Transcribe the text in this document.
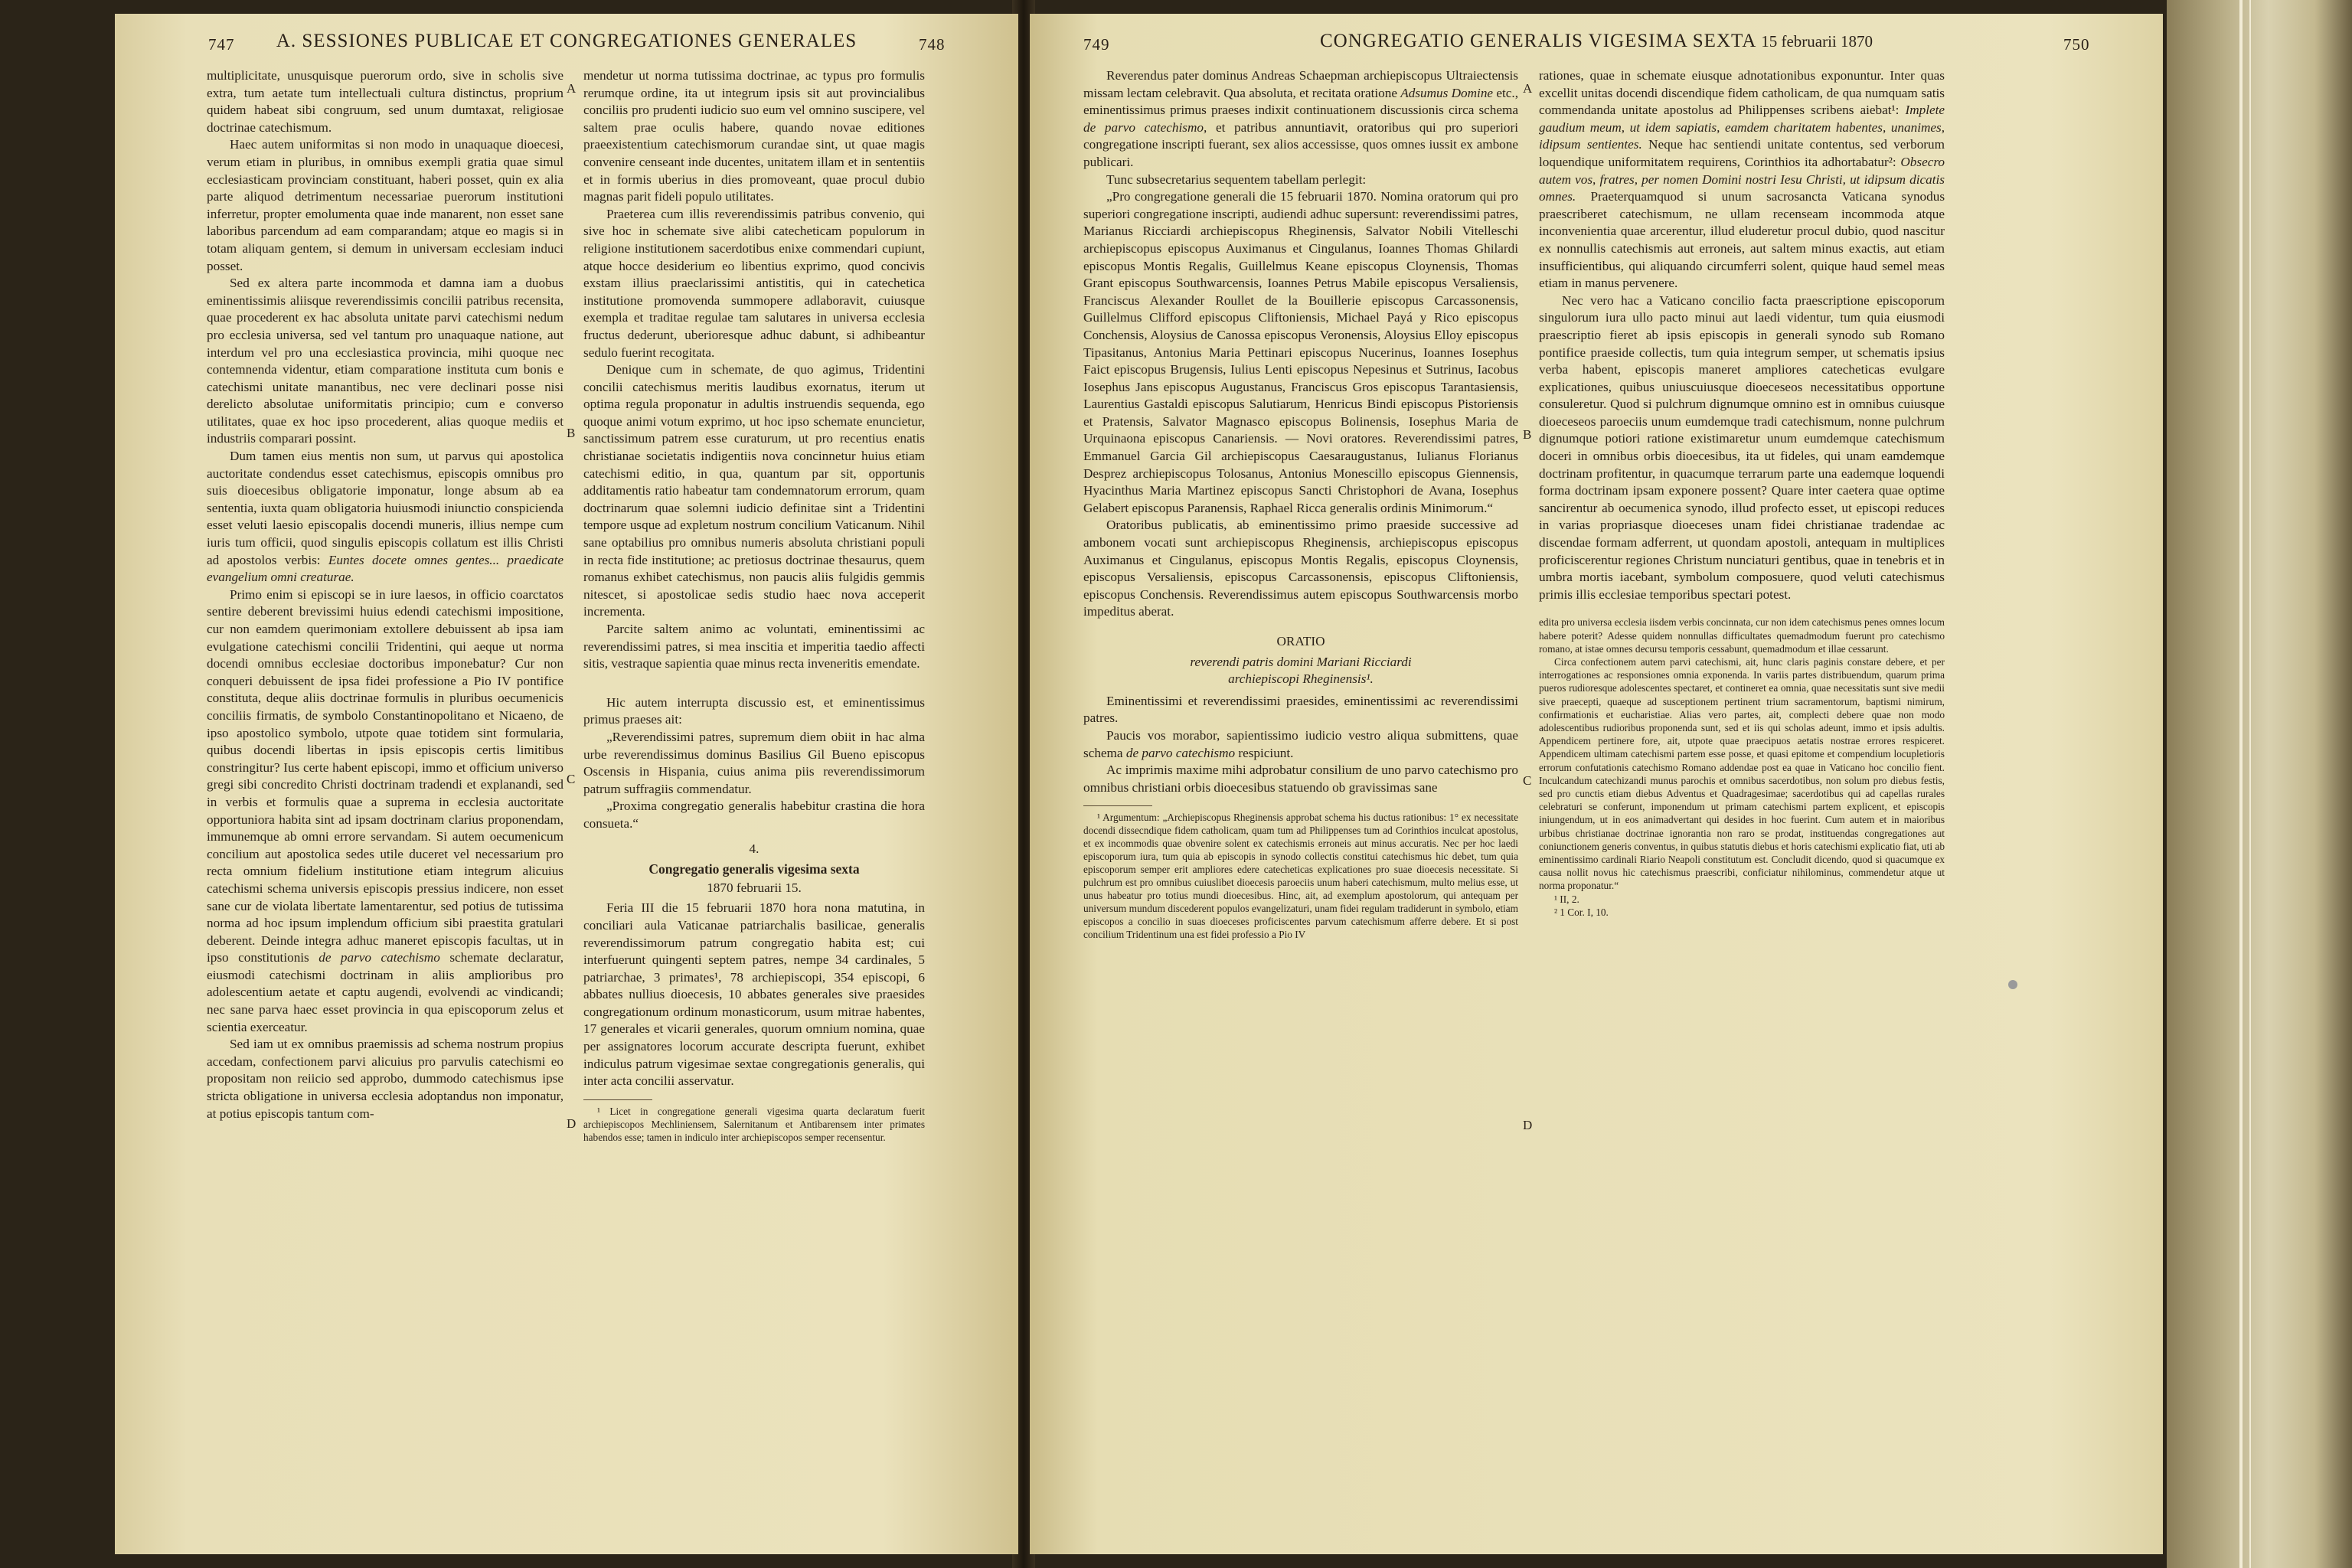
747	A. SESSIONES PUBLICAE ET CONGREGATIONES GENERALES	748

multiplicitate, unusquisque puerorum ordo, sive in scholis sive extra, tum aetate tum intellectuali cultura distinctus, proprium quidem habeat sibi congruum, sed unum dumtaxat, religiosae doctrinae catechismum.

Haec autem uniformitas si non modo in unaquaque dioecesi, verum etiam in pluribus, in omnibus exempli gratia quae simul ecclesiasticam provinciam constituant, haberi posset, quin ex alia parte aliquod detrimentum necessariae puerorum institutioni inferretur, propter emolumenta quae inde manarent, non esset sane laboribus parcendum ad eam comparandam; atque eo magis si in totam aliquam gentem, si demum in universam ecclesiam induci posset.

Sed ex altera parte incommoda et damna iam a duobus eminentissimis aliisque reverendissimis concilii patribus recensita, quae procederent ex hac absoluta unitate parvi catechismi nedum pro ecclesia universa, sed vel tantum pro unaquaque natione, aut interdum vel pro una ecclesiastica provincia, mihi quoque nec contemnenda videntur, etiam comparatione instituta cum bonis e catechismi unitate manantibus, nec vere declinari posse nisi derelicto absolutae uniformitatis principio; cum e converso utilitates, quae ex hoc ipso procederent, alias quoque mediis et industriis comparari possint.

Dum tamen eius mentis non sum, ut parvus qui apostolica auctoritate condendus esset catechismus, episcopis omnibus pro suis dioecesibus obligatorie imponatur, longe absum ab ea sententia, iuxta quam obligatoria huiusmodi iniunctio conspicienda esset veluti laesio episcopalis docendi muneris, illius nempe cum iuris tum officii, quod singulis episcopis collatum est illis Christi ad apostolos verbis: Euntes docete omnes gentes... praedicate evangelium omni creaturae.

Primo enim si episcopi se in iure laesos, in officio coarctatos sentire deberent brevissimi huius edendi catechismi impositione, cur non eamdem querimoniam extollere debuissent ab ipsa iam evulgatione catechismi concilii Tridentini, qui aeque ut norma docendi omnibus ecclesiae doctoribus imponebatur? Cur non conqueri debuissent de ipsa fidei professione a Pio IV pontifice constituta, deque aliis doctrinae formulis in pluribus oecumenicis conciliis firmatis, de symbolo Constantinopolitano et Nicaeno, de ipso apostolico symbolo, utpote quae totidem sint formularia, quibus docendi libertas in ipsis episcopis certis limitibus constringitur? Ius certe habent episcopi, immo et officium universo gregi sibi concredito Christi doctrinam tradendi et explanandi, sed in verbis et formulis quae a suprema in ecclesia auctoritate opportuniora habita sint ad ipsam doctrinam clarius proponendam, immunemque ab omni errore servandam. Si autem oecumenicum concilium aut apostolica sedes utile duceret vel necessarium pro recta omnium fidelium institutione etiam integrum alicuius catechismi schema universis episcopis pressius indicere, non esset sane cur de violata libertate lamentarentur, sed potius de tutissima norma ad hoc ipsum implendum officium sibi praestita gratulari deberent. Deinde integra adhuc maneret episcopis facultas, ut in ipso constitutionis de parvo catechismo schemate declaratur, eiusmodi catechismi doctrinam in aliis amplioribus pro adolescentium aetate et captu augendi, evolvendi ac vindicandi; nec sane parva haec esset provincia in qua episcoporum zelus et scientia exerceatur.

Sed iam ut ex omnibus praemissis ad schema nostrum propius accedam, confectionem parvi alicuius pro parvulis catechismi eo propositam non reiicio sed approbo, dummodo catechismus ipse stricta obligatione in universa ecclesia adoptandus non imponatur, at potius episcopis tantum com-

mendetur ut norma tutissima doctrinae, ac typus pro formulis rerumque ordine, ita ut integrum ipsis sit aut provincialibus conciliis pro prudenti iudicio suo eum vel omnino suscipere, vel saltem prae oculis habere, quando novae editiones praeexistentium catechismorum curandae sint, ut quae magis convenire censeant inde ducentes, unitatem illam et in sententiis et in formis uberius in dies promoveant, quae procul dubio magnas parit fideli populo utilitates.

Praeterea cum illis reverendissimis patribus convenio, qui sive hoc in schemate sive alibi catecheticam populorum in religione institutionem sacerdotibus enixe commendari cupiunt, atque hocce desiderium eo libentius exprimo, quod concivis exstam illius praeclarissimi antistitis, qui in catechetica institutione promovenda summopere adlaboravit, cuiusque exempla et traditae regulae tam salutares in universa ecclesia fructus dederunt, uberioresque adhuc dabunt, si adhibeantur sedulo fuerint recogitata.

Denique cum in schemate, de quo agimus, Tridentini concilii catechismus meritis laudibus exornatus, iterum ut optima regula proponatur in adultis instruendis sequenda, ego quoque animi votum exprimo, ut hoc ipso schemate enuncietur, sanctissimum patrem esse curaturum, ut pro recentius enatis christianae societatis indigentiis nova concinnetur huius etiam catechismi editio, in qua, quantum par sit, opportunis additamentis ratio habeatur tam condemnatorum errorum, quam doctrinarum quae solemni iudicio definitae sint a Tridentini tempore usque ad expletum nostrum concilium Vaticanum. Nihil sane optabilius pro omnibus numeris absoluta christiani populi in recta fide institutione; ac pretiosus doctrinae thesaurus, quem romanus exhibet catechismus, non paucis aliis fulgidis gemmis nitescet, si apostolicae sedis studio haec nova acceperit incrementa.

Parcite saltem animo ac voluntati, eminentissimi ac reverendissimi patres, si mea inscitia et imperitia taedio affecti sitis, vestraque sapientia quae minus recta inveneritis emendate.

Hic autem interrupta discussio est, et eminentissimus primus praeses ait:

„Reverendissimi patres, supremum diem obiit in hac alma urbe reverendissimus dominus Basilius Gil Bueno episcopus Oscensis in Hispania, cuius anima piis reverendissimorum patrum suffragiis commendatur.

„Proxima congregatio generalis habebitur crastina die hora consueta.“

4.

Congregatio generalis vigesima sexta

1870 februarii 15.

Feria III die 15 februarii 1870 hora nona matutina, in conciliari aula Vaticanae patriarchalis basilicae, generalis reverendissimorum patrum congregatio habita est; cui interfuerunt quingenti septem patres, nempe 34 cardinales, 5 patriarchae, 3 primates¹, 78 archiepiscopi, 354 episcopi, 6 abbates nullius dioecesis, 10 abbates generales sive praesides congregationum ordinum monasticorum, usum mitrae habentes, 17 generales et vicarii generales, quorum omnium nomina, quae per assignatores locorum accurate descripta fuerunt, exhibet indiculus patrum vigesimae sextae congregationis generalis, qui inter acta concilii asservatur.

¹ Licet in congregatione generali vigesima quarta declaratum fuerit archiepiscopos Mechliniensem, Salernitanum et Antibarensem inter primates habendos esse; tamen in indiculo inter archiepiscopos semper recensentur.

A
B
C
D
749	CONGREGATIO GENERALIS VIGESIMA SEXTA 15 februarii 1870	750

Reverendus pater dominus Andreas Schaepman archiepiscopus Ultraiectensis missam lectam celebravit. Qua absoluta, et recitata oratione Adsumus Domine etc., eminentissimus primus praeses indixit continuationem discussionis circa schema de parvo catechismo, et patribus annuntiavit, oratoribus qui pro superiori congregatione inscripti fuerant, sex alios accessisse, quos omnes iussit ex ambone publicari.

Tunc subsecretarius sequentem tabellam perlegit:

„Pro congregatione generali die 15 februarii 1870. Nomina oratorum qui pro superiori congregatione inscripti, audiendi adhuc supersunt: reverendissimi patres, Marianus Ricciardi archiepiscopus Rheginensis, Salvator Nobili Vitelleschi archiepiscopus episcopus Auximanus et Cingulanus, Ioannes Thomas Ghilardi episcopus Montis Regalis, Guillelmus Keane episcopus Cloynensis, Thomas Grant episcopus Southwarcensis, Ioannes Petrus Mabile episcopus Versaliensis, Franciscus Alexander Roullet de la Bouillerie episcopus Carcassonensis, Guillelmus Clifford episcopus Cliftoniensis, Michael Payá y Rico episcopus Conchensis, Aloysius de Canossa episcopus Veronensis, Aloysius Elloy episcopus Tipasitanus, Antonius Maria Pettinari episcopus Nucerinus, Ioannes Iosephus Faict episcopus Brugensis, Iulius Lenti episcopus Nepesinus et Sutrinus, Iacobus Iosephus Jans episcopus Augustanus, Franciscus Gros episcopus Tarantasiensis, Laurentius Gastaldi episcopus Salutiarum, Henricus Bindi episcopus Pistoriensis et Pratensis, Salvator Magnasco episcopus Bolinensis, Iosephus Maria de Urquinaona episcopus Canariensis. — Novi oratores. Reverendissimi patres, Emmanuel Garcia Gil archiepiscopus Caesaraugustanus, Iulianus Florianus Desprez archiepiscopus Tolosanus, Antonius Monescillo episcopus Giennensis, Hyacinthus Maria Martinez episcopus Sancti Christophori de Avana, Iosephus Gelabert episcopus Paranensis, Raphael Ricca generalis ordinis Minimorum.“

Oratoribus publicatis, ab eminentissimo primo praeside successive ad ambonem vocati sunt archiepiscopus Rheginensis, archiepiscopus episcopus Auximanus et Cingulanus, episcopus Montis Regalis, episcopus Cloynensis, episcopus Versaliensis, episcopus Carcassonensis, episcopus Cliftoniensis, episcopus Conchensis. Reverendissimus autem episcopus Southwarcensis morbo impeditus aberat.

ORATIO

reverendi patris domini Mariani Ricciardi

archiepiscopi Rheginensis¹.

Eminentissimi et reverendissimi praesides, eminentissimi ac reverendissimi patres.

Paucis vos morabor, sapientissimo iudicio vestro aliqua submittens, quae schema de parvo catechismo respiciunt.

Ac imprimis maxime mihi adprobatur consilium de uno parvo catechismo pro omnibus christiani orbis dioecesibus statuendo ob gravissimas sane

¹ Argumentum: „Archiepiscopus Rheginensis approbat schema his ductus rationibus: 1° ex necessitate docendi dissecndique fidem catholicam, quam tum ad Philippenses tum ad Corinthios inculcat apostolus, et ex incommodis quae obvenire solent ex catechismis erroneis aut minus accuratis. Nec per hoc laedi episcoporum iura, tum quia ab episcopis in synodo collectis constitui catechismus hic debet, tum quia episcoporum semper erit ampliores edere catecheticas explicationes pro suae dioecesis necessitate. Si pulchrum est pro omnibus cuiuslibet dioecesis paroeciis unum haberi catechismum, multo melius esse, ut unus habeatur pro totius mundi dioecesibus. Hinc, ait, ad exemplum apostolorum, qui antequam per universum mundum discederent populos evangelizaturi, unam fidei regulam tradiderunt in symbolo, etiam episcopos a concilio in suas dioeceses proficiscentes parvum catechismum afferre debere. Et si post concilium Tridentinum una est fidei professio a Pio IV

rationes, quae in schemate eiusque adnotationibus exponuntur. Inter quas excellit unitas docendi discendique fidem catholicam, de qua numquam satis commendanda unitate apostolus ad Philippenses scribens aiebat¹: Implete gaudium meum, ut idem sapiatis, eamdem charitatem habentes, unanimes, idipsum sentientes. Neque hac sentiendi unitate contentus, sed verborum loquendique uniformitatem requirens, Corinthios ita adhortabatur²: Obsecro autem vos, fratres, per nomen Domini nostri Iesu Christi, ut idipsum dicatis omnes. Praeterquamquod si unum sacrosancta Vaticana synodus praescriberet catechismum, ne ullam recenseam incommoda atque inconvenientia quae arcerentur, illud eluderetur procul dubio, quod nascitur ex nonnullis catechismis aut erroneis, aut saltem minus exactis, aut etiam insufficientibus, qui aliquando circumferri solent, quique haud semel meas etiam in manus pervenere.

Nec vero hac a Vaticano concilio facta praescriptione episcoporum singulorum iura ullo pacto minui aut laedi videntur, tum quia eiusmodi praescriptio fieret ab ipsis episcopis in generali synodo sub Romano pontifice praeside collectis, tum quia integrum semper, ut schematis ipsius verba habent, episcopis maneret ampliores catecheticas evulgare explicationes, quibus uniuscuiusque dioeceseos necessitatibus opportune consuleretur. Quod si pulchrum dignumque omnino est in omnibus cuiusque dioeceseos paroeciis unum eumdemque tradi catechismum, nonne pulchrum dignumque potiori ratione existimaretur unum eumdemque catechismum doceri in omnibus orbis dioecesibus, ita ut fideles, qui unam eamdemque doctrinam profitentur, in quacumque terrarum parte una eademque loquendi forma doctrinam ipsam exponere possent? Quare inter caetera quae optime sancirentur ab oecumenica synodo, illud profecto esset, ut episcopi reduces in varias propriasque dioeceses unam fidei christianae tradendae ac discendae formam adferrent, ut quondam apostoli, antequam in multiplices proficiscerentur regiones Christum nunciaturi gentibus, quae in tenebris et in umbra mortis iacebant, symbolum composuere, quod veluti catechismus primis illis ecclesiae temporibus spectari potest.

edita pro universa ecclesia iisdem verbis concinnata, cur non idem catechismus penes omnes locum habere poterit? Adesse quidem nonnullas difficultates quemadmodum fuerunt pro catechismo romano, at istae omnes decursu temporis cessabunt, quemadmodum et illae cessarunt.

Circa confectionem autem parvi catechismi, ait, hunc claris paginis constare debere, et per interrogationes ac responsiones omnia exponenda. In variis partes distribuendum, quarum prima pueros rudioresque adolescentes spectaret, et contineret ea omnia, quae necessitatis sunt sive medii sive praecepti, quaeque ad susceptionem pertinent trium sacramentorum, baptismi nimirum, confirmationis et eucharistiae. Alias vero partes, ait, complecti debere quae non modo adolescentibus rudioribus proponenda sunt, sed et iis qui scholas adeunt, immo et ipsis adultis. Appendicem pertinere fore, ait, utpote quae praecipuos aetatis nostrae errores respiceret. Appendicem ultimam catechismi partem esse posse, et quasi epitome et compendium locupletioris errorum confutationis catechismo Romano addendae post ea quae in Vaticano hoc concilio fient. Inculcandum catechizandi munus parochis et omnibus sacerdotibus, non solum pro diebus festis, sed pro cunctis etiam diebus Adventus et Quadragesimae; sacerdotibus qui ad capellas rurales celebraturi se conferunt, imponendum ut primam catechismi partem explicent, et episcopis iniungendum, ut in eos animadvertant qui desides in hoc fuerint. Cum autem et in maioribus urbibus christianae doctrinae ignorantia non raro se prodat, instituendas congregationes aut coniunctionem generis conventus, in quibus statutis diebus et horis catechismi explicatio fiat, uti ab eminentissimo cardinali Riario Neapoli constitutum est. Concludit dicendo, quod si quacumque ex causa nollit novus hic catechismus praescribi, conficiatur nihilominus, commendetur atque ut norma proponatur.“

¹ II, 2.

² 1 Cor. I, 10.

A
B
C
D
